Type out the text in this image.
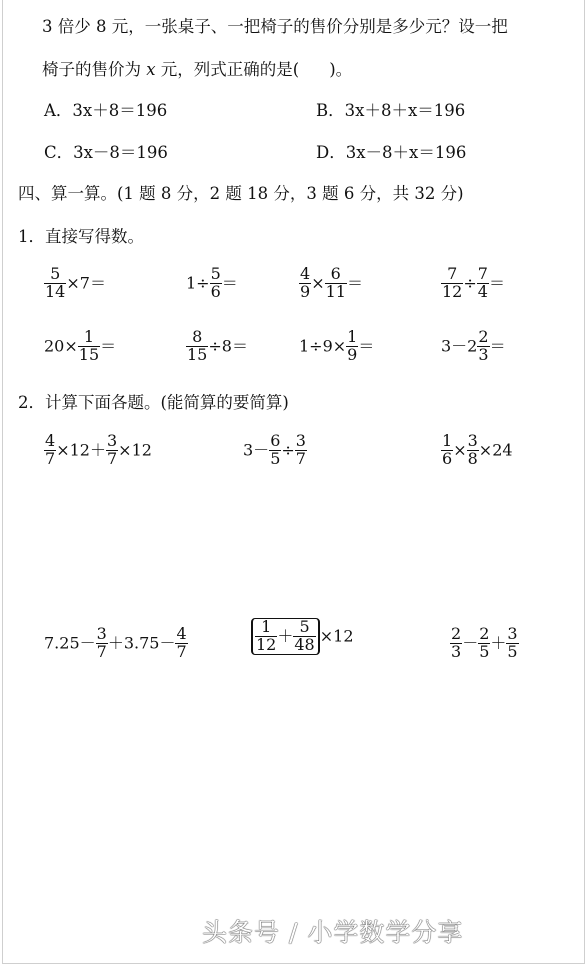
3 倍少 8 元，一张桌子、一把椅子的售价分别是多少元？设一把
椅子的售价为 x 元，列式正确的是( )。
A．3x＋8＝196	B．3x＋8＋x＝196
C．3x－8＝196	D．3x－8＋x＝196
四、算一算。(1 题 8 分，2 题 18 分，3 题 6 分，共 32 分)
1．直接写得数。
$\frac{5}{14} \times 7=$	$1\div \frac{5}{6}$ ＝	$\frac{4}{9} \times \frac{6}{11}$ ＝	$\frac{7}{12} \div \frac{7}{4}$ ＝
$20\times \frac{1}{15}$ ＝	$\frac{8}{15} \div 8=$	$1\div 9\times \frac{1}{9}$ ＝	$3-2 \frac{2}{3}$ ＝
2．计算下面各题。(能简算的要简算)
$\frac{4}{7} \times 12+ \frac{3}{7} \times 12$	$3- \frac{6}{5} \div \frac{3}{7}$	$\frac{1}{6} \times \frac{3}{8} \times 24$
$7.25- \frac{3}{7} +3.75- \frac{4}{7}$	$\frac{1}{12} + \frac{5}{48} \times 12$	$\frac{2}{3} - \frac{2}{5} + \frac{3}{5}$
头条号 / 小学数学分享
